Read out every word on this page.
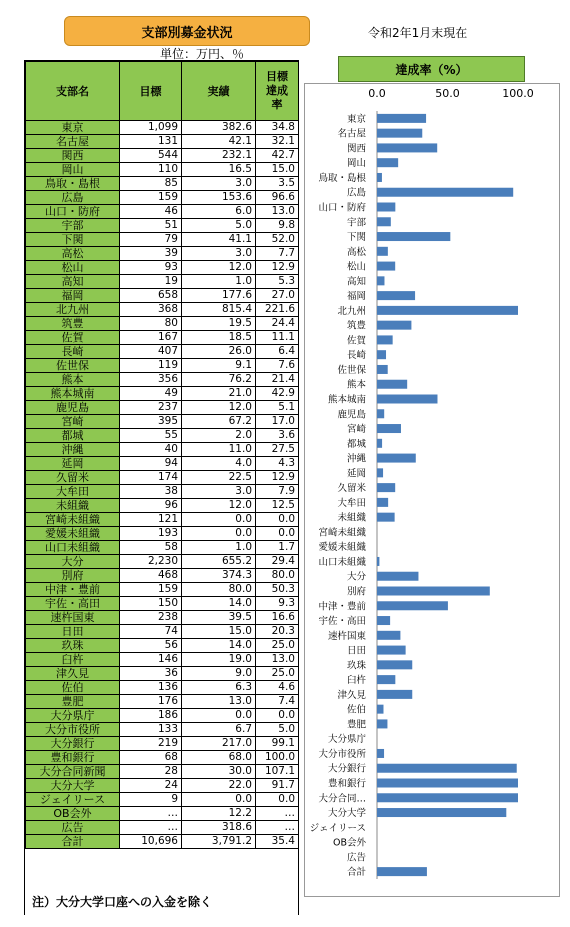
支部別募金状況	令和2年1月末現在
単位：万円、％
支部名	目標	実績	目標
達成
率
東京	1,099	382.6	34.8
名古屋	131	42.1	32.1
関西	544	232.1	42.7
岡山	110	16.5	15.0
鳥取・島根	85	3.0	3.5
広島	159	153.6	96.6
山口・防府	46	6.0	13.0
宇部	51	5.0	9.8
下関	79	41.1	52.0
高松	39	3.0	7.7
松山	93	12.0	12.9
高知	19	1.0	5.3
福岡	658	177.6	27.0
北九州	368	815.4	221.6
筑豊	80	19.5	24.4
佐賀	167	18.5	11.1
長崎	407	26.0	6.4
佐世保	119	9.1	7.6
熊本	356	76.2	21.4
熊本城南	49	21.0	42.9
鹿児島	237	12.0	5.1
宮崎	395	67.2	17.0
都城	55	2.0	3.6
沖縄	40	11.0	27.5
延岡	94	4.0	4.3
久留米	174	22.5	12.9
大牟田	38	3.0	7.9
未組織	96	12.0	12.5
宮崎未組織	121	0.0	0.0
愛媛未組織	193	0.0	0.0
山口未組織	58	1.0	1.7
大分	2,230	655.2	29.4
別府	468	374.3	80.0
中津・豊前	159	80.0	50.3
宇佐・高田	150	14.0	9.3
速杵国東	238	39.5	16.6
日田	74	15.0	20.3
玖珠	56	14.0	25.0
臼杵	146	19.0	13.0
津久見	36	9.0	25.0
佐伯	136	6.3	4.6
豊肥	176	13.0	7.4
大分県庁	186	0.0	0.0
大分市役所	133	6.7	5.0
大分銀行	219	217.0	99.1
豊和銀行	68	68.0	100.0
大分合同新聞	28	30.0	107.1
大分大学	24	22.0	91.7
ジェイリース	9	0.0	0.0
OB会外	…	12.2	…
広告	…	318.6	…
合計	10,696	3,791.2	35.4
注）大分大学口座への入金を除く
達成率（%）
0.0	50.0	100.0
東京
名古屋
関西
岡山
鳥取・島根
広島
山口・防府
宇部
下関
高松
松山
高知
福岡
北九州
筑豊
佐賀
長崎
佐世保
熊本
熊本城南
鹿児島
宮崎
都城
沖縄
延岡
久留米
大牟田
未組織
宮崎未組織
愛媛未組織
山口未組織
大分
別府
中津・豊前
宇佐・高田
速杵国東
日田
玖珠
臼杵
津久見
佐伯
豊肥
大分県庁
大分市役所
大分銀行
豊和銀行
大分合同…
大分大学
ジェイリース
OB会外
広告
合計
